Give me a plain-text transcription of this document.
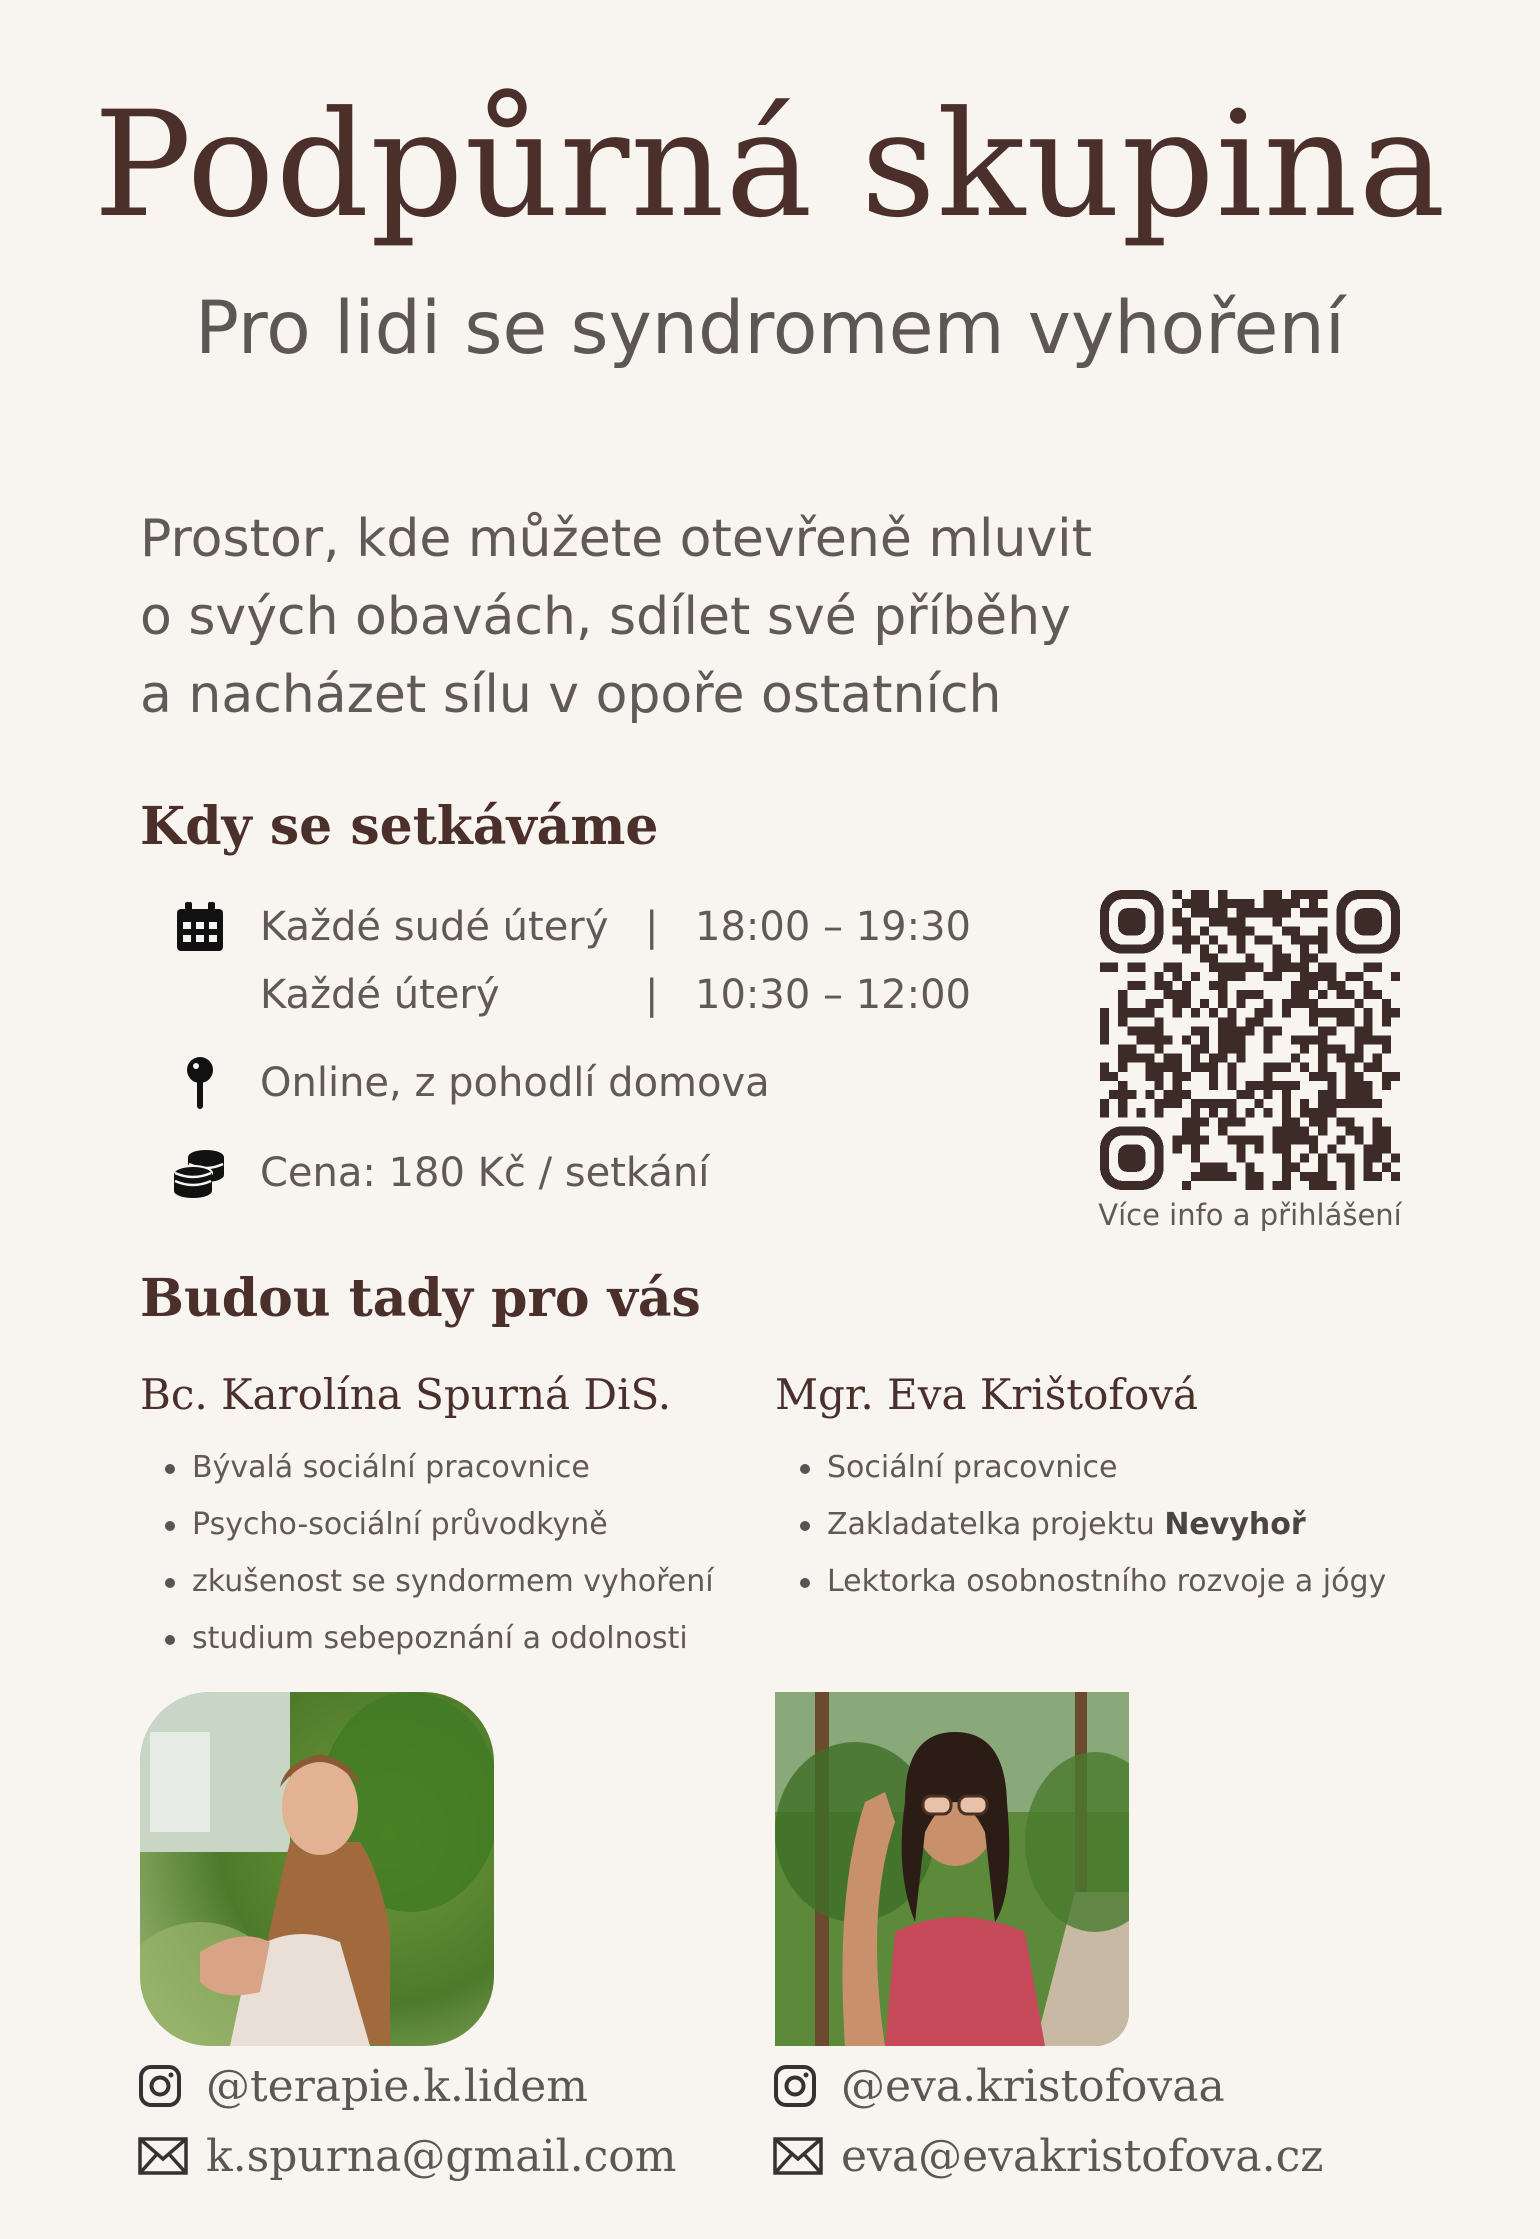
Podpůrná skupina
Pro lidi se syndromem vyhoření
Prostor, kde můžete otevřeně mluvit
o svých obavách, sdílet své příběhy
a nacházet sílu v opoře ostatních
Kdy se setkáváme
Každé sudé úterý | 18:00 – 19:30
Každé úterý	| 10:30 – 12:00
Online, z pohodlí domova
Cena: 180 Kč / setkání
Více info a přihlášení
Budou tady pro vás
Bc. Karolína Spurná DiS.
Bývalá sociální pracovnice
Psycho-sociální průvodkyně
zkušenost se syndormem vyhoření
studium sebepoznání a odolnosti
Mgr. Eva Krištofová
Sociální pracovnice
Zakladatelka projektu Nevyhoř
Lektorka osobnostního rozvoje a jógy
@terapie.k.lidem
k.spurna@gmail.com
@eva.kristofovaa
eva@evakristofova.cz
